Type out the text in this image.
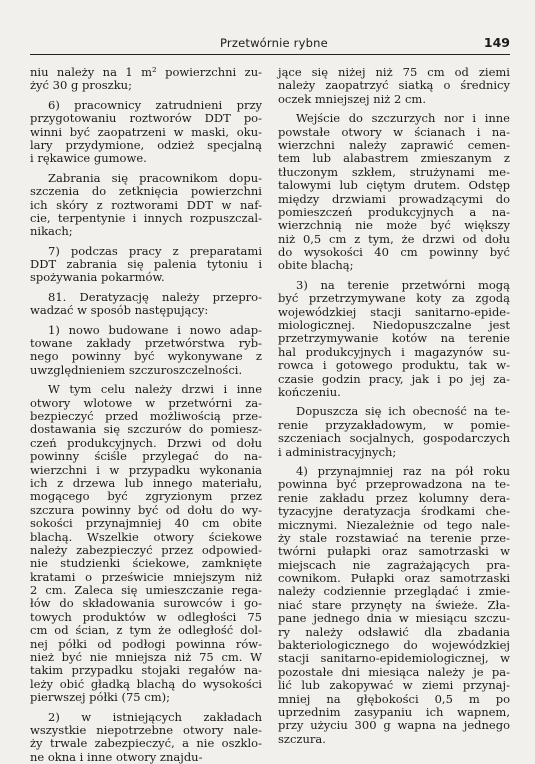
Przetwórnie rybne	149
niu należy na 1 m² powierzchni zu-
żyć 30 g proszku;
6) pracownicy zatrudnieni przy
przygotowaniu roztworów DDT po-
winni być zaopatrzeni w maski, oku-
lary przydymione, odzież specjalną
i rękawice gumowe.
Zabrania się pracownikom dopu-
szczenia do zetknięcia powierzchni
ich skóry z roztworami DDT w naf-
cie, terpentynie i innych rozpuszczal-
nikach;
7) podczas pracy z preparatami
DDT zabrania się palenia tytoniu i
spożywania pokarmów.
81. Deratyzację należy przepro-
wadzać w sposób następujący:
1) nowo budowane i nowo adap-
towane zakłady przetwórstwa ryb-
nego powinny być wykonywane z
uwzględnieniem szczuroszczelności.
W tym celu należy drzwi i inne
otwory wlotowe w przetwórni za-
bezpieczyć przed możliwością prze-
dostawania się szczurów do pomiesz-
czeń produkcyjnych. Drzwi od dołu
powinny ściśle przylegać do na-
wierzchni i w przypadku wykonania
ich z drzewa lub innego materiału,
mogącego być zgryzionym przez
szczura powinny być od dołu do wy-
sokości przynajmniej 40 cm obite
blachą. Wszelkie otwory ściekowe
należy zabezpieczyć przez odpowied-
nie studzienki ściekowe, zamknięte
kratami o prześwicie mniejszym niż
2 cm. Zaleca się umieszczanie rega-
łów do składowania surowców i go-
towych produktów w odległości 75
cm od ścian, z tym że odległość dol-
nej półki od podłogi powinna rów-
nież być nie mniejsza niż 75 cm. W
takim przypadku stojaki regałów na-
leży obić gładką blachą do wysokości
pierwszej półki (75 cm);
2) w istniejących zakładach
wszystkie niepotrzebne otwory nale-
ży trwale zabezpieczyć, a nie oszklo-
ne okna i inne otwory znajdu-
jące się niżej niż 75 cm od ziemi
należy zaopatrzyć siatką o średnicy
oczek mniejszej niż 2 cm.
Wejście do szczurzych nor i inne
powstałe otwory w ścianach i na-
wierzchni należy zaprawić cemen-
tem lub alabastrem zmieszanym z
tłuczonym szkłem, strużynami me-
talowymi lub ciętym drutem. Odstęp
między drzwiami prowadzącymi do
pomieszczeń produkcyjnych a na-
wierzchnią nie może być większy
niż 0,5 cm z tym, że drzwi od dołu
do wysokości 40 cm powinny być
obite blachą;
3) na terenie przetwórni mogą
być przetrzymywane koty za zgodą
wojewódzkiej stacji sanitarno-epide-
miologicznej. Niedopuszczalne jest
przetrzymywanie kotów na terenie
hal produkcyjnych i magazynów su-
rowca i gotowego produktu, tak w-
czasie godzin pracy, jak i po jej za-
kończeniu.
Dopuszcza się ich obecność na te-
renie przyzakładowym, w pomie-
szczeniach socjalnych, gospodarczych
i administracyjnych;
4) przynajmniej raz na pół roku
powinna być przeprowadzona na te-
renie zakładu przez kolumny dera-
tyzacyjne deratyzacja środkami che-
micznymi. Niezależnie od tego nale-
ży stale rozstawiać na terenie prze-
twórni pułapki oraz samotrzaski w
miejscach nie zagrażających pra-
cownikom. Pułapki oraz samotrzaski
należy codziennie przeglądać i zmie-
niać stare przynęty na świeże. Zła-
pane jednego dnia w miesiącu szczu-
ry należy odsławić dla zbadania
bakteriologicznego do wojewódzkiej
stacji sanitarno-epidemiologicznej, w
pozostałe dni miesiąca należy je pa-
lić lub zakopywać w ziemi przynaj-
mniej na głębokości 0,5 m po
uprzednim zasypaniu ich wapnem,
przy użyciu 300 g wapna na jednego
szczura.
